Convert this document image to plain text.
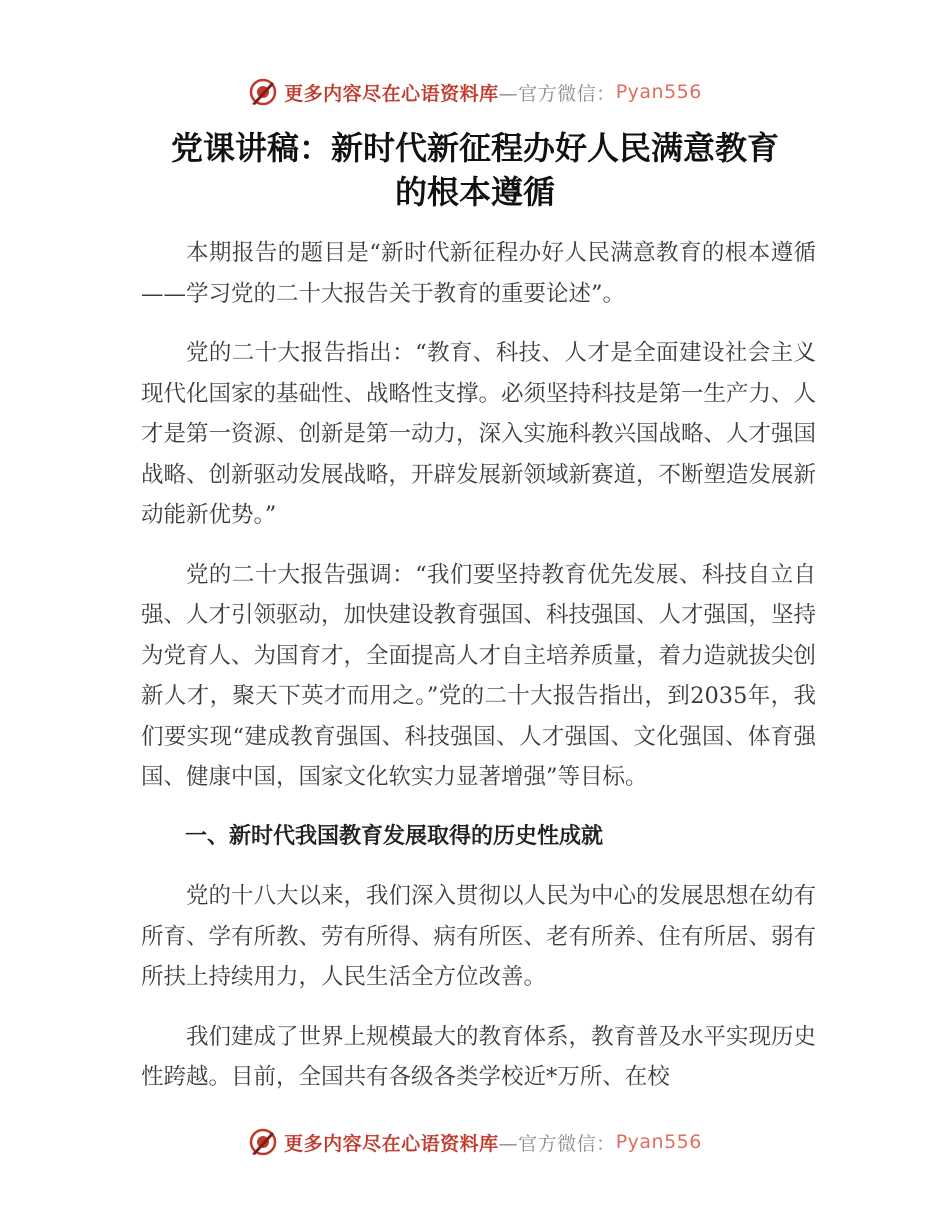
更多内容尽在心语资料库 —官方微信： Pyan556
党课讲稿：新时代新征程办好人民满意教育
的根本遵循

本期报告的题目是“新时代新征程办好人民满意教育的根本遵循——学习党的二十大报告关于教育的重要论述”。

党的二十大报告指出：“教育、科技、人才是全面建设社会主义现代化国家的基础性、战略性支撑。必须坚持科技是第一生产力、人才是第一资源、创新是第一动力，深入实施科教兴国战略、人才强国战略、创新驱动发展战略，开辟发展新领域新赛道，不断塑造发展新动能新优势。”

党的二十大报告强调：“我们要坚持教育优先发展、科技自立自强、人才引领驱动，加快建设教育强国、科技强国、人才强国，坚持为党育人、为国育才，全面提高人才自主培养质量，着力造就拔尖创新人才，聚天下英才而用之。”党的二十大报告指出，到2035年，我们要实现“建成教育强国、科技强国、人才强国、文化强国、体育强国、健康中国，国家文化软实力显著增强”等目标。

一、新时代我国教育发展取得的历史性成就

党的十八大以来，我们深入贯彻以人民为中心的发展思想在幼有所育、学有所教、劳有所得、病有所医、老有所养、住有所居、弱有所扶上持续用力，人民生活全方位改善。

我们建成了世界上规模最大的教育体系，教育普及水平实现历史性跨越。目前，全国共有各级各类学校近*万所、在校

更多内容尽在心语资料库 —官方微信： Pyan556
